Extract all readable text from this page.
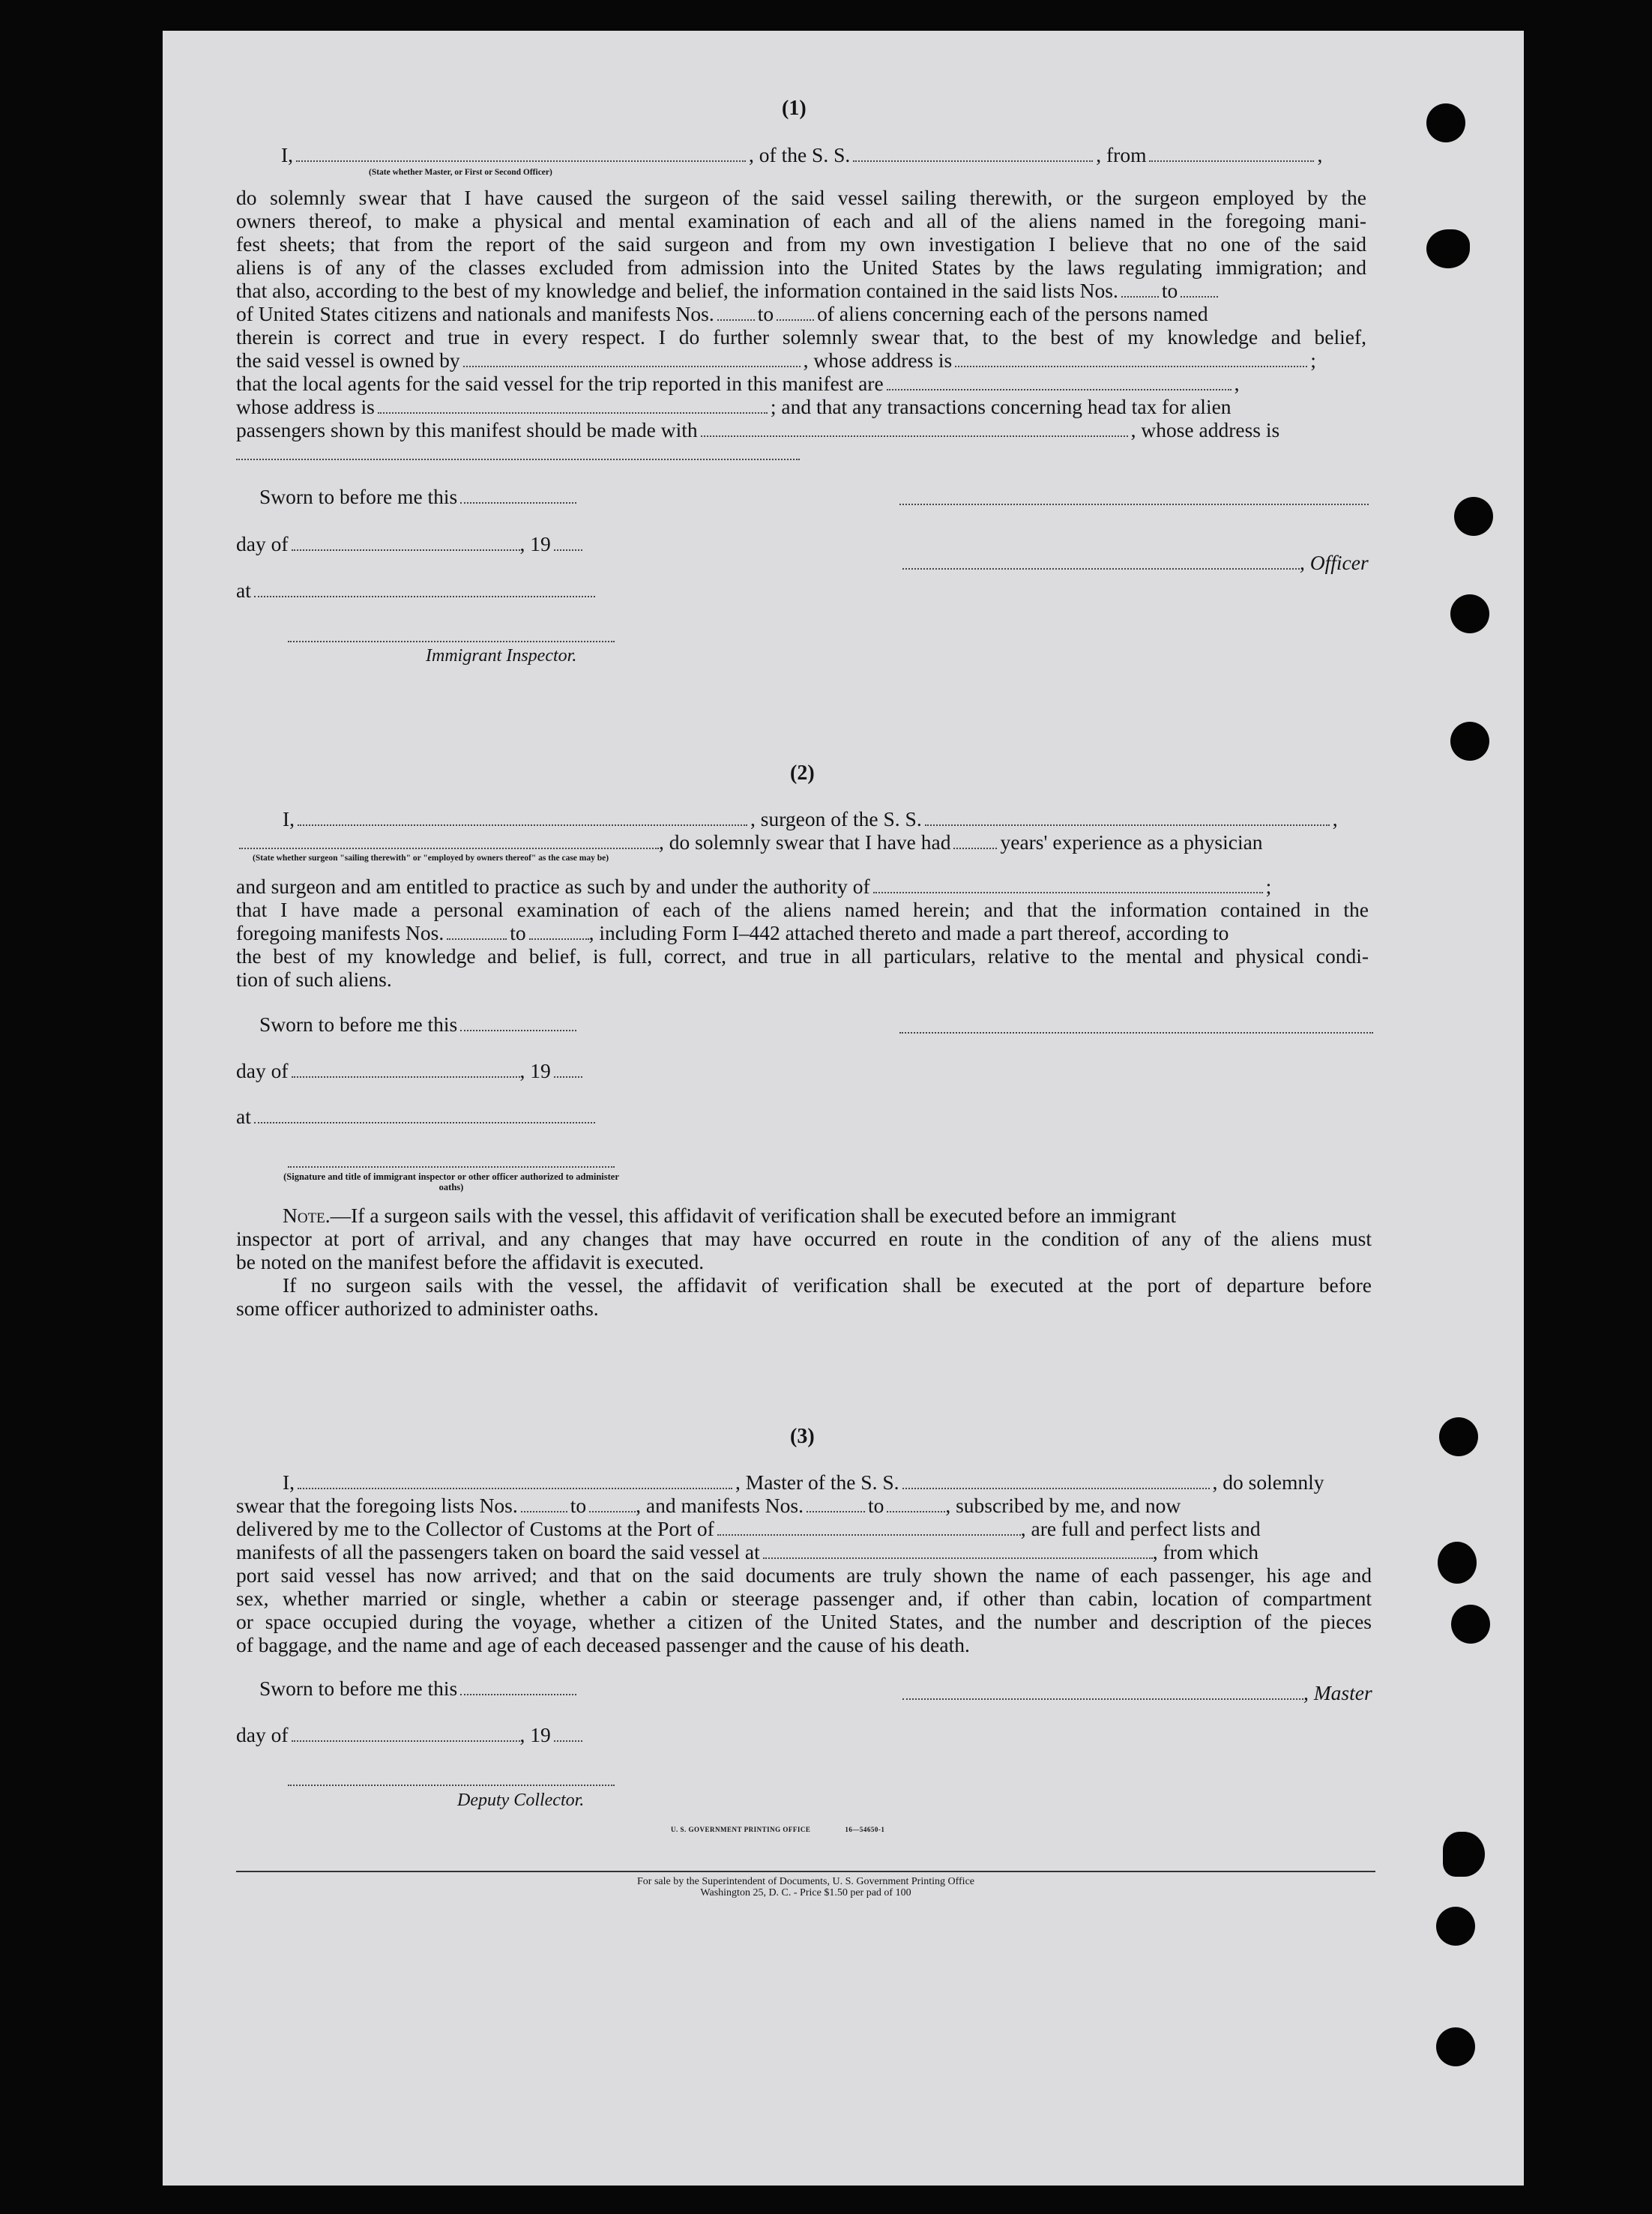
(1)
I,	, of the S. S.	, from	,
(State whether Master, or First or Second Officer)
do solemnly swear that I have caused the surgeon of the said vessel sailing therewith, or the surgeon employed by the
owners thereof, to make a physical and mental examination of each and all of the aliens named in the foregoing mani-
fest sheets; that from the report of the said surgeon and from my own investigation I believe that no one of the said
aliens is of any of the classes excluded from admission into the United States by the laws regulating immigration; and
that also, according to the best of my knowledge and belief, the information contained in the said lists Nos. to
of United States citizens and nationals and manifests Nos. to of aliens concerning each of the persons named
therein is correct and true in every respect. I do further solemnly swear that, to the best of my knowledge and belief,
the said vessel is owned by	, whose address is	;
that the local agents for the said vessel for the trip reported in this manifest are	,
whose address is	; and that any transactions concerning head tax for alien
passengers shown by this manifest should be made with	, whose address is
Sworn to before me this
day of	, 19
, Officer
at
Immigrant Inspector.
(2)
I,	, surgeon of the S. S.	,
, do solemnly swear that I have had years' experience as a physician
(State whether surgeon "sailing therewith" or "employed by owners thereof" as the case may be)
and surgeon and am entitled to practice as such by and under the authority of	;
that I have made a personal examination of each of the aliens named herein; and that the information contained in the
foregoing manifests Nos.	to	, including Form I–442 attached thereto and made a part thereof, according to
the best of my knowledge and belief, is full, correct, and true in all particulars, relative to the mental and physical condi-
tion of such aliens.
Sworn to before me this
day of	, 19
at
(Signature and title of immigrant inspector or other officer authorized to administer oaths)
Note.—If a surgeon sails with the vessel, this affidavit of verification shall be executed before an immigrant
inspector at port of arrival, and any changes that may have occurred en route in the condition of any of the aliens must
be noted on the manifest before the affidavit is executed.
If no surgeon sails with the vessel, the affidavit of verification shall be executed at the port of departure before
some officer authorized to administer oaths.
(3)
I,	, Master of the S. S.	, do solemnly
swear that the foregoing lists Nos.	to , and manifests Nos.	to	, subscribed by me, and now
delivered by me to the Collector of Customs at the Port of	, are full and perfect lists and
manifests of all the passengers taken on board the said vessel at	, from which
port said vessel has now arrived; and that on the said documents are truly shown the name of each passenger, his age and
sex, whether married or single, whether a cabin or steerage passenger and, if other than cabin, location of compartment
or space occupied during the voyage, whether a citizen of the United States, and the number and description of the pieces
of baggage, and the name and age of each deceased passenger and the cause of his death.
Sworn to before me this	, Master
day of	, 19
Deputy Collector.
U. S. GOVERNMENT PRINTING OFFICE	16—54650-1
For sale by the Superintendent of Documents, U. S. Government Printing Office
Washington 25, D. C. - Price $1.50 per pad of 100
